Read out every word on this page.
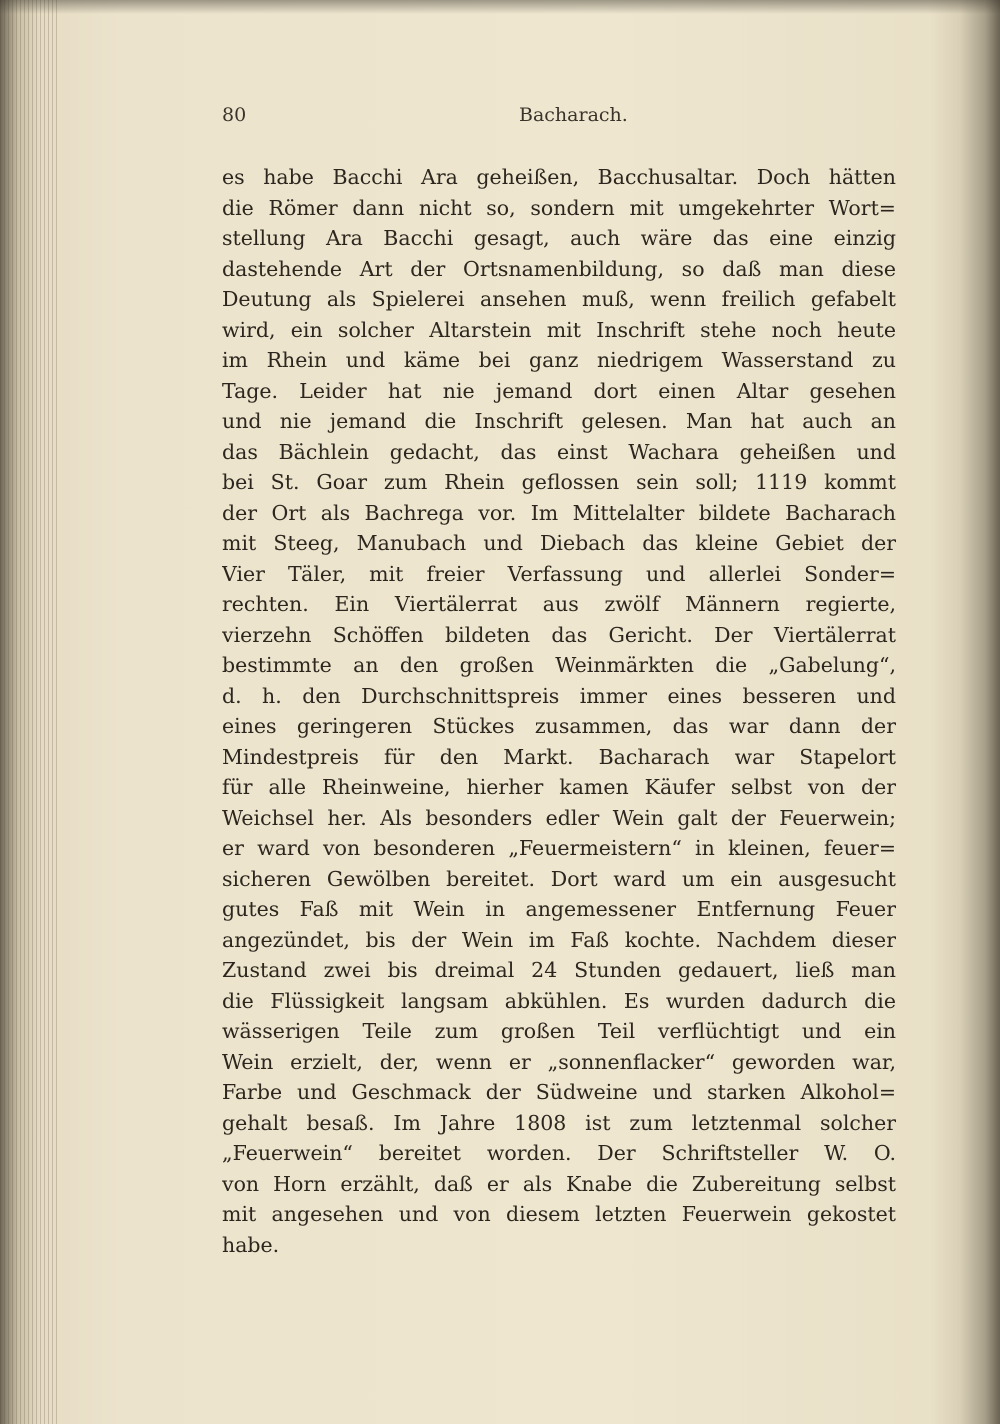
80	Bacharach.
es habe Bacchi Ara geheißen, Bacchusaltar. Doch hätten
die Römer dann nicht so, sondern mit umgekehrter Wort=
stellung Ara Bacchi gesagt, auch wäre das eine einzig
dastehende Art der Ortsnamenbildung, so daß man diese
Deutung als Spielerei ansehen muß, wenn freilich gefabelt
wird, ein solcher Altarstein mit Inschrift stehe noch heute
im Rhein und käme bei ganz niedrigem Wasserstand zu
Tage. Leider hat nie jemand dort einen Altar gesehen
und nie jemand die Inschrift gelesen. Man hat auch an
das Bächlein gedacht, das einst Wachara geheißen und
bei St. Goar zum Rhein geflossen sein soll; 1119 kommt
der Ort als Bachrega vor. Im Mittelalter bildete Bacharach
mit Steeg, Manubach und Diebach das kleine Gebiet der
Vier Täler, mit freier Verfassung und allerlei Sonder=
rechten. Ein Viertälerrat aus zwölf Männern regierte,
vierzehn Schöffen bildeten das Gericht. Der Viertälerrat
bestimmte an den großen Weinmärkten die „Gabelung“,
d. h. den Durchschnittspreis immer eines besseren und
eines geringeren Stückes zusammen, das war dann der
Mindestpreis für den Markt. Bacharach war Stapelort
für alle Rheinweine, hierher kamen Käufer selbst von der
Weichsel her. Als besonders edler Wein galt der Feuerwein;
er ward von besonderen „Feuermeistern“ in kleinen, feuer=
sicheren Gewölben bereitet. Dort ward um ein ausgesucht
gutes Faß mit Wein in angemessener Entfernung Feuer
angezündet, bis der Wein im Faß kochte. Nachdem dieser
Zustand zwei bis dreimal 24 Stunden gedauert, ließ man
die Flüssigkeit langsam abkühlen. Es wurden dadurch die
wässerigen Teile zum großen Teil verflüchtigt und ein
Wein erzielt, der, wenn er „sonnenflacker“ geworden war,
Farbe und Geschmack der Südweine und starken Alkohol=
gehalt besaß. Im Jahre 1808 ist zum letztenmal solcher
„Feuerwein“ bereitet worden. Der Schriftsteller W. O.
von Horn erzählt, daß er als Knabe die Zubereitung selbst
mit angesehen und von diesem letzten Feuerwein gekostet
habe.
